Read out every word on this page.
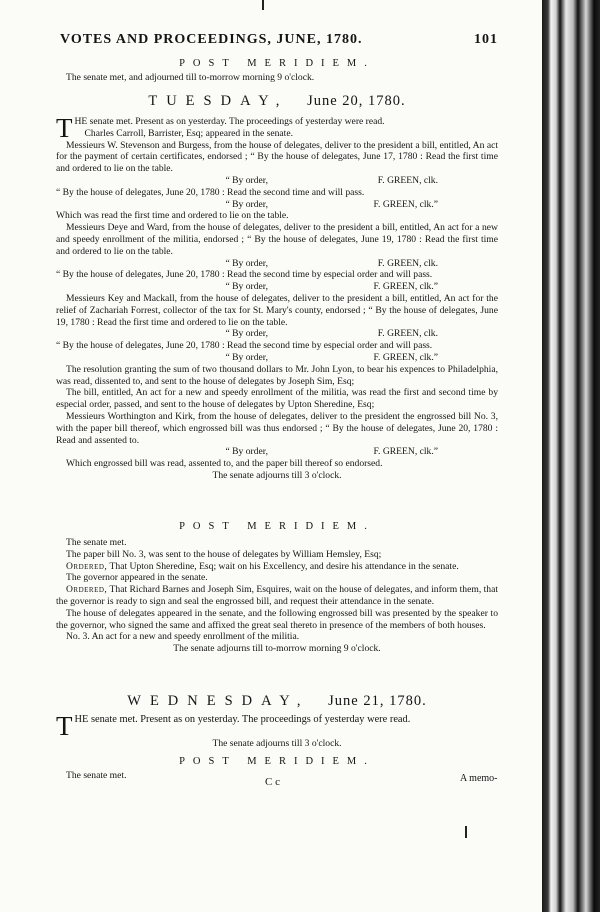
VOTES AND PROCEEDINGS, JUNE, 1780.	101
POST MERIDIEM.

The senate met, and adjourned till to-morrow morning 9 o'clock.

TUESDAY, June 20, 1780.

THE senate met. Present as on yesterday. The proceedings of yesterday were read.

Charles Carroll, Barrister, Esq; appeared in the senate.

Messieurs W. Stevenson and Burgess, from the house of delegates, deliver to the president a bill, entitled, An act for the payment of certain certificates, endorsed ; “ By the house of delegates, June 17, 1780 : Read the first time and ordered to lie on the table.

“ By order,	F. GREEN, clk.

“ By the house of delegates, June 20, 1780 : Read the second time and will pass.

“ By order,	F. GREEN, clk.”

Which was read the first time and ordered to lie on the table.

Messieurs Deye and Ward, from the house of delegates, deliver to the president a bill, entitled, An act for a new and speedy enrollment of the militia, endorsed ; “ By the house of delegates, June 19, 1780 : Read the first time and ordered to lie on the table.

“ By order,	F. GREEN, clk.

“ By the house of delegates, June 20, 1780 : Read the second time by especial order and will pass.

“ By order,	F. GREEN, clk.”

Messieurs Key and Mackall, from the house of delegates, deliver to the president a bill, entitled, An act for the relief of Zachariah Forrest, collector of the tax for St. Mary's county, endorsed ; “ By the house of delegates, June 19, 1780 : Read the first time and ordered to lie on the table.

“ By order,	F. GREEN, clk.

“ By the house of delegates, June 20, 1780 : Read the second time by especial order and will pass.

“ By order,	F. GREEN, clk.”

The resolution granting the sum of two thousand dollars to Mr. John Lyon, to bear his expences to Philadelphia, was read, dissented to, and sent to the house of delegates by Joseph Sim, Esq;

The bill, entitled, An act for a new and speedy enrollment of the militia, was read the first and second time by especial order, passed, and sent to the house of delegates by Upton Sheredine, Esq;

Messieurs Worthington and Kirk, from the house of delegates, deliver to the president the engrossed bill No. 3, with the paper bill thereof, which engrossed bill was thus endorsed ; “ By the house of delegates, June 20, 1780 : Read and assented to.

“ By order,	F. GREEN, clk.”

Which engrossed bill was read, assented to, and the paper bill thereof so endorsed.

The senate adjourns till 3 o'clock.

POST MERIDIEM.

The senate met.

The paper bill No. 3, was sent to the house of delegates by William Hemsley, Esq;

Ordered, That Upton Sheredine, Esq; wait on his Excellency, and desire his attendance in the senate.

The governor appeared in the senate.

Ordered, That Richard Barnes and Joseph Sim, Esquires, wait on the house of delegates, and inform them, that the governor is ready to sign and seal the engrossed bill, and request their attendance in the senate.

The house of delegates appeared in the senate, and the following engrossed bill was presented by the speaker to the governor, who signed the same and affixed the great seal thereto in presence of the members of both houses.

No. 3. An act for a new and speedy enrollment of the militia.

The senate adjourns till to-morrow morning 9 o'clock.

WEDNESDAY, June 21, 1780.

THE senate met. Present as on yesterday. The proceedings of yesterday were read.

The senate adjourns till 3 o'clock.

POST MERIDIEM.

The senate met.

C c	A memo-
